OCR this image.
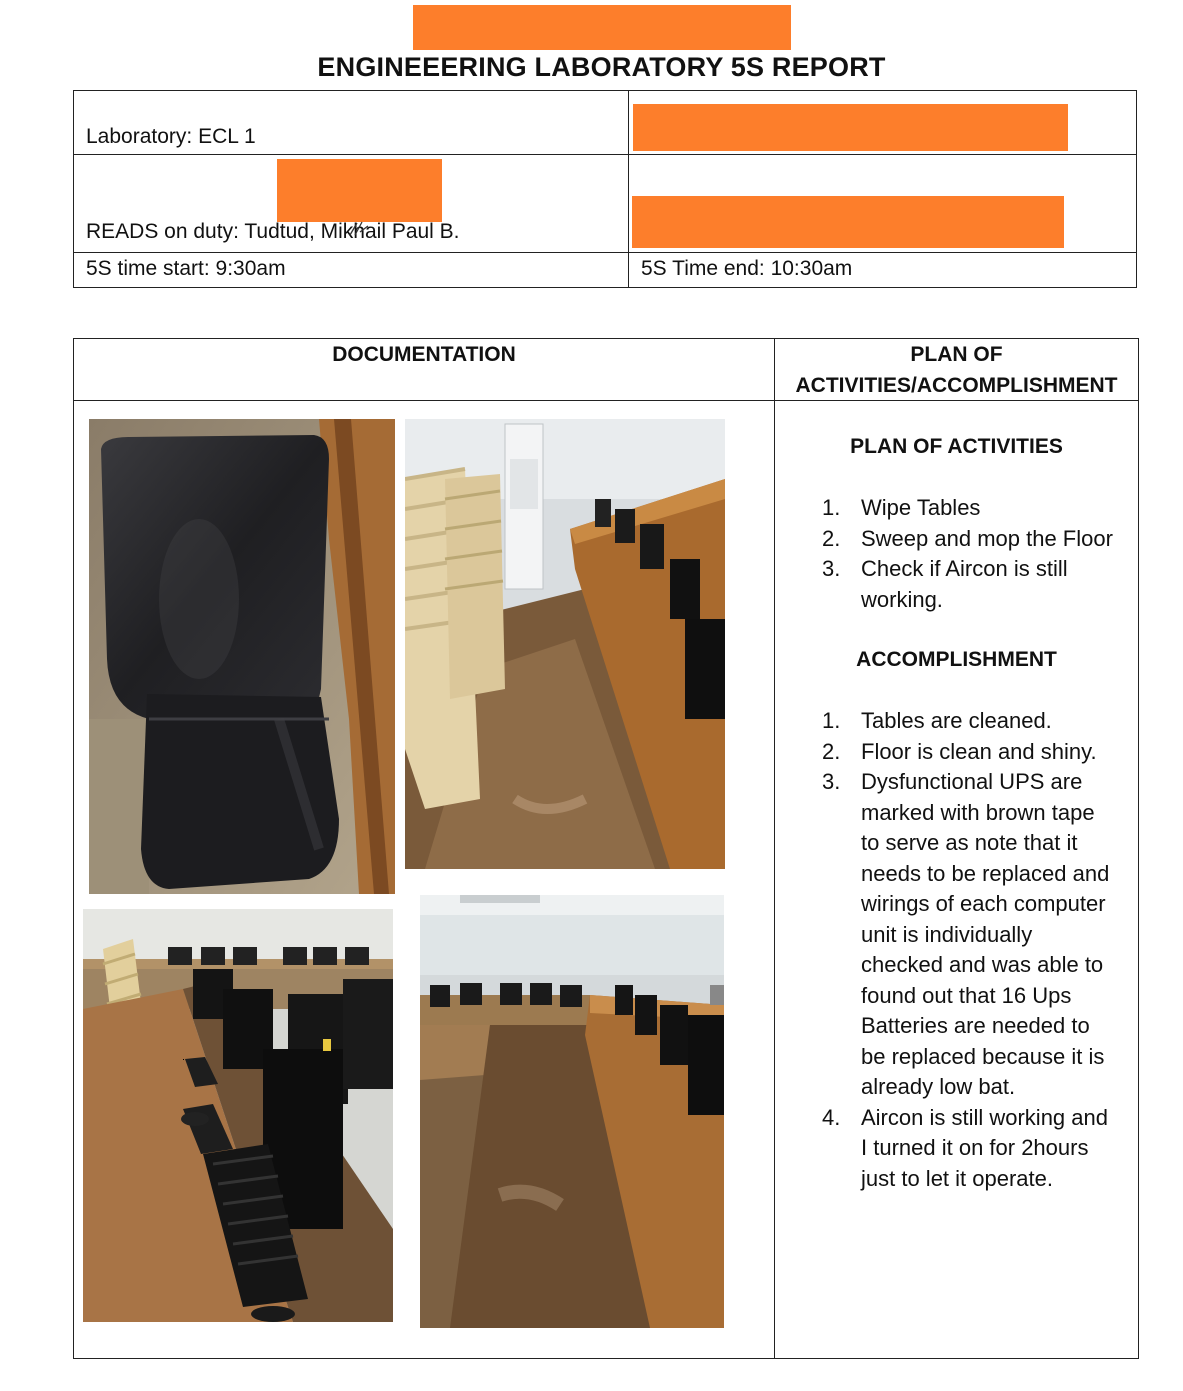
ENGINEEERING LABORATORY 5S REPORT
Laboratory: ECL 1
READS on duty: Tudtud, Mikhail Paul B.
5S time start: 9:30am	5S Time end: 10:30am
DOCUMENTATION	PLAN OF
ACTIVITIES/ACCOMPLISHMENT
PLAN OF ACTIVITIES
1. Wipe Tables
2. Sweep and mop the Floor
3. Check if Aircon is still working.
ACCOMPLISHMENT
1. Tables are cleaned.
2. Floor is clean and shiny.
3. Dysfunctional UPS are marked with brown tape to serve as note that it needs to be replaced and wirings of each computer unit is individually checked and was able to found out that 16 Ups Batteries are needed to be replaced because it is already low bat.
4. Aircon is still working and I turned it on for 2hours just to let it operate.
